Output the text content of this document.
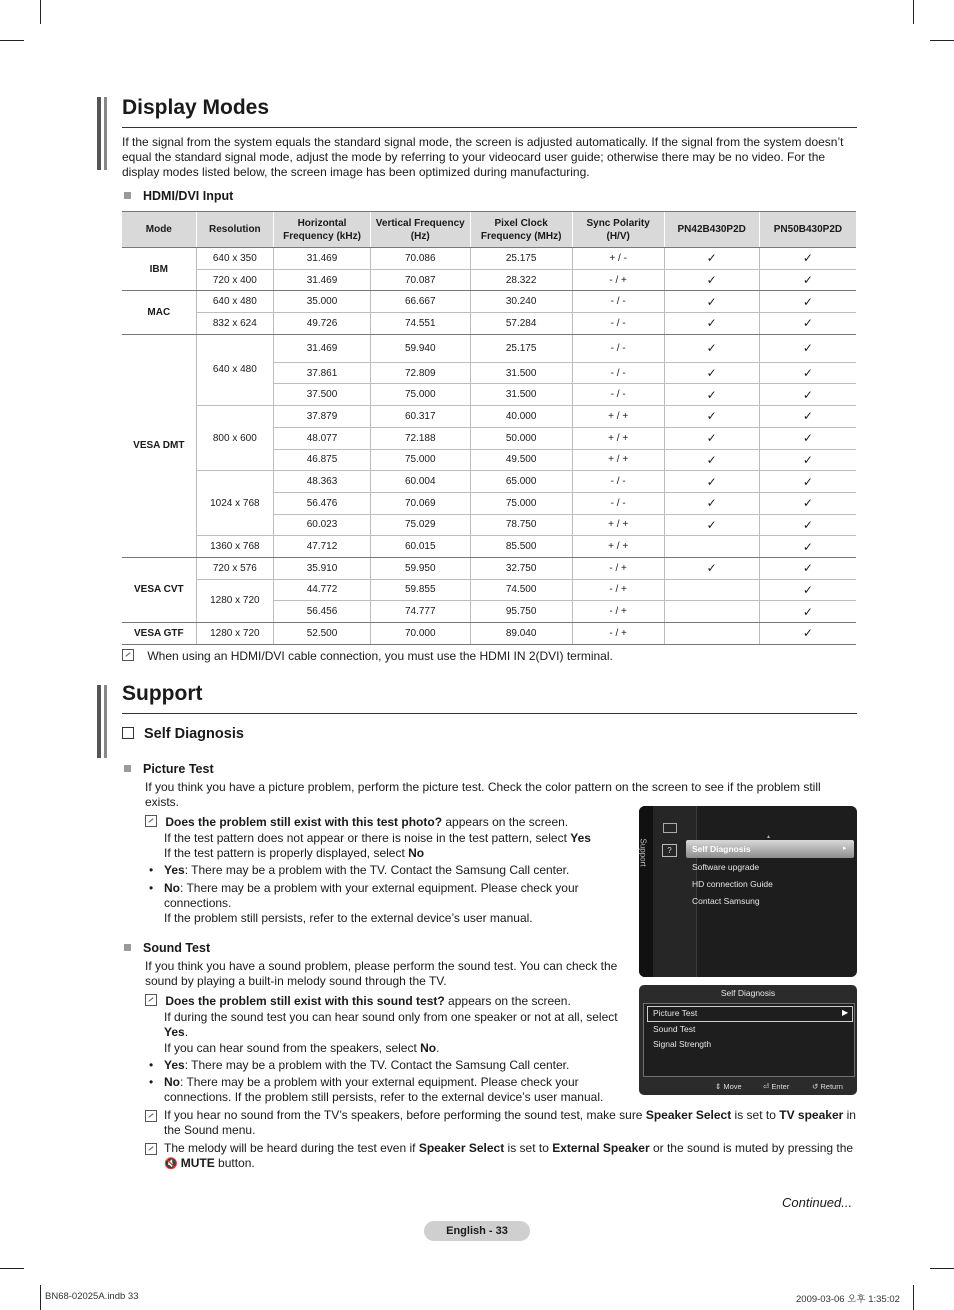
Display Modes
If the signal from the system equals the standard signal mode, the screen is adjusted automatically. If the signal from the system doesn’t equal the standard signal mode, adjust the mode by referring to your videocard user guide; otherwise there may be no video. For the display modes listed below, the screen image has been optimized during manufacturing.
HDMI/DVI Input
Mode	Resolution	Horizontal Frequency (kHz)	Vertical Frequency (Hz)	Pixel Clock Frequency (MHz)	Sync Polarity (H/V)	PN42B430P2D	PN50B430P2D
IBM	640 x 350	31.469	70.086	25.175	+ / -	✓	✓
	720 x 400	31.469	70.087	28.322	- / +	✓	✓
MAC	640 x 480	35.000	66.667	30.240	- / -	✓	✓
	832 x 624	49.726	74.551	57.284	- / -	✓	✓
VESA DMT	640 x 480	31.469	59.940	25.175	- / -	✓	✓
		37.861	72.809	31.500	- / -	✓	✓
		37.500	75.000	31.500	- / -	✓	✓
	800 x 600	37.879	60.317	40.000	+ / +	✓	✓
		48.077	72.188	50.000	+ / +	✓	✓
		46.875	75.000	49.500	+ / +	✓	✓
	1024 x 768	48.363	60.004	65.000	- / -	✓	✓
		56.476	70.069	75.000	- / -	✓	✓
		60.023	75.029	78.750	+ / +	✓	✓
	1360 x 768	47.712	60.015	85.500	+ / +		✓
VESA CVT	720 x 576	35.910	59.950	32.750	- / +	✓	✓
	1280 x 720	44.772	59.855	74.500	- / +		✓
		56.456	74.777	95.750	- / +		✓
VESA GTF	1280 x 720	52.500	70.000	89.040	- / +		✓
When using an HDMI/DVI cable connection, you must use the HDMI IN 2(DVI) terminal.
Support
Self Diagnosis
Picture Test
If you think you have a picture problem, perform the picture test. Check the color pattern on the screen to see if the problem still exists.
Does the problem still exist with this test photo? appears on the screen.
If the test pattern does not appear or there is noise in the test pattern, select Yes
If the test pattern is properly displayed, select No
• Yes: There may be a problem with the TV. Contact the Samsung Call center.
• No: There may be a problem with your external equipment. Please check your connections.
If the problem still persists, refer to the external device’s user manual.
Sound Test
If you think you have a sound problem, please perform the sound test. You can check the sound by playing a built-in melody sound through the TV.
Does the problem still exist with this sound test? appears on the screen.
If during the sound test you can hear sound only from one speaker or not at all, select Yes.
If you can hear sound from the speakers, select No.
• Yes: There may be a problem with the TV. Contact the Samsung Call center.
• No: There may be a problem with your external equipment. Please check your connections. If the problem still persists, refer to the external device’s user manual.
If you hear no sound from the TV’s speakers, before performing the sound test, make sure Speaker Select is set to TV speaker in the Sound menu.
The melody will be heard during the test even if Speaker Select is set to External Speaker or the sound is muted by pressing the 🔇 MUTE button.
Support	?	Self Diagnosis	▸
▴
Software upgrade
HD connection Guide
Contact Samsung
Self Diagnosis
Picture Test	▶
Sound Test
Signal Strength
⇕ Move	⏎ Enter	↺ Return
Continued...
English - 33
BN68-02025A.indb 33	2009-03-06 오후 1:35:02
